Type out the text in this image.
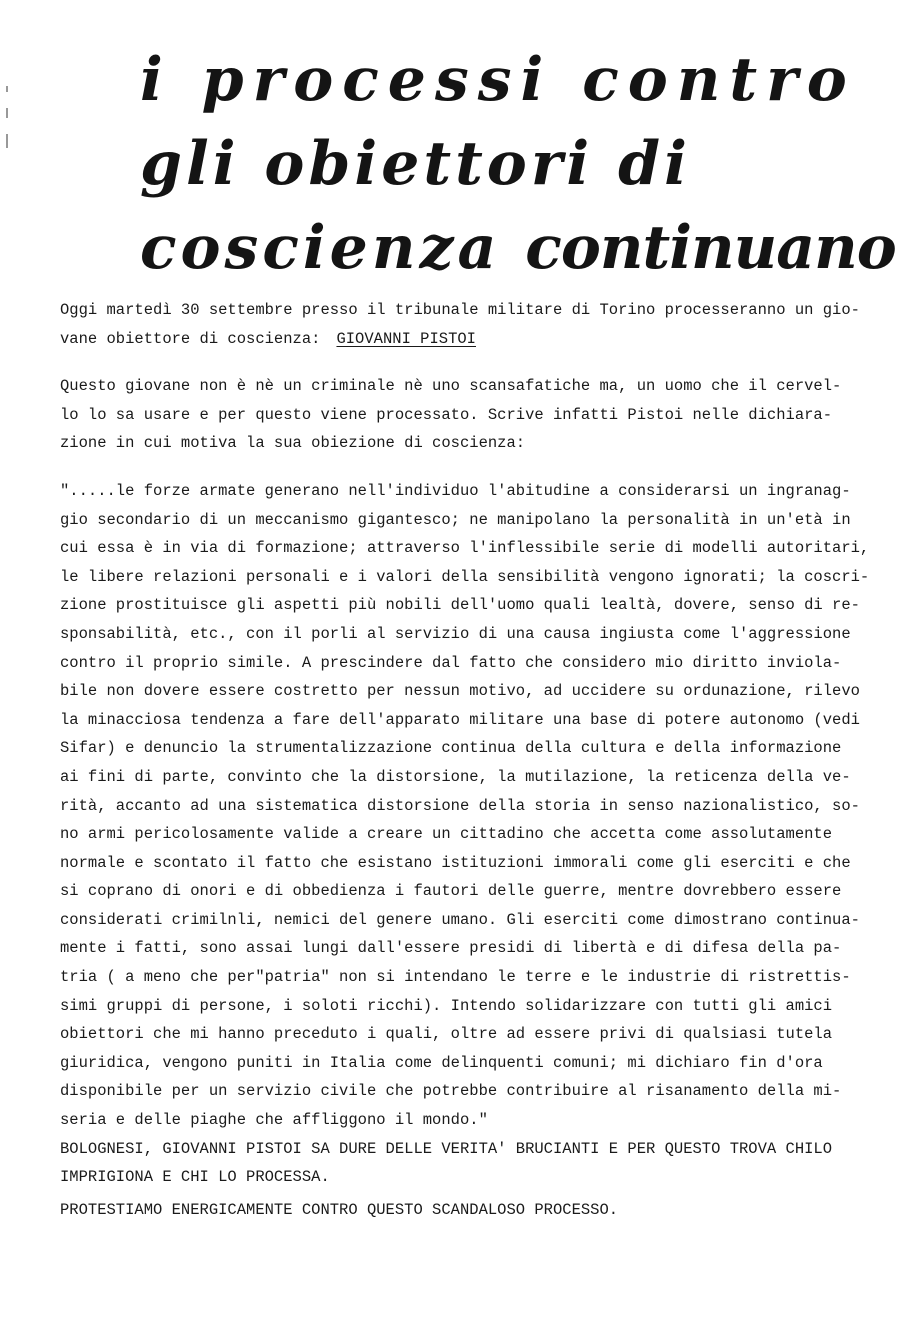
i processi contro
gli obiettori di
coscienza continuano

Oggi martedì 30 settembre presso il tribunale militare di Torino processeranno un gio-
vane obiettore di coscienza: GIOVANNI PISTOI

Questo giovane non è nè un criminale nè uno scansafatiche ma, un uomo che il cervel-
lo lo sa usare e per questo viene processato. Scrive infatti Pistoi nelle dichiara-
zione in cui motiva la sua obiezione di coscienza:

".....le forze armate generano nell'individuo l'abitudine a considerarsi un ingranag-
gio secondario di un meccanismo gigantesco; ne manipolano la personalità in un'età in
cui essa è in via di formazione; attraverso l'inflessibile serie di modelli autoritari,
le libere relazioni personali e i valori della sensibilità vengono ignorati; la coscri-
zione prostituisce gli aspetti più nobili dell'uomo quali lealtà, dovere, senso di re-
sponsabilità, etc., con il porli al servizio di una causa ingiusta come l'aggressione
contro il proprio simile. A prescindere dal fatto che considero mio diritto inviola-
bile non dovere essere costretto per nessun motivo, ad uccidere su ordunazione, rilevo
la minacciosa tendenza a fare dell'apparato militare una base di potere autonomo (vedi
Sifar) e denuncio la strumentalizzazione continua della cultura e della informazione
ai fini di parte, convinto che la distorsione, la mutilazione, la reticenza della ve-
rità, accanto ad una sistematica distorsione della storia in senso nazionalistico, so-
no armi pericolosamente valide a creare un cittadino che accetta come assolutamente
normale e scontato il fatto che esistano istituzioni immorali come gli eserciti e che
si coprano di onori e di obbedienza i fautori delle guerre, mentre dovrebbero essere
considerati crimilnli, nemici del genere umano. Gli eserciti come dimostrano continua-
mente i fatti, sono assai lungi dall'essere presidi di libertà e di difesa della pa-
tria ( a meno che per"patria" non si intendano le terre e le industrie di ristrettis-
simi gruppi di persone, i soloti ricchi). Intendo solidarizzare con tutti gli amici
obiettori che mi hanno preceduto i quali, oltre ad essere privi di qualsiasi tutela
giuridica, vengono puniti in Italia come delinquenti comuni; mi dichiaro fin d'ora
disponibile per un servizio civile che potrebbe contribuire al risanamento della mi-
seria e delle piaghe che affliggono il mondo."

BOLOGNESI, GIOVANNI PISTOI SA DURE DELLE VERITA' BRUCIANTI E PER QUESTO TROVA CHILO
IMPRIGIONA E CHI LO PROCESSA.

PROTESTIAMO ENERGICAMENTE CONTRO QUESTO SCANDALOSO PROCESSO.
